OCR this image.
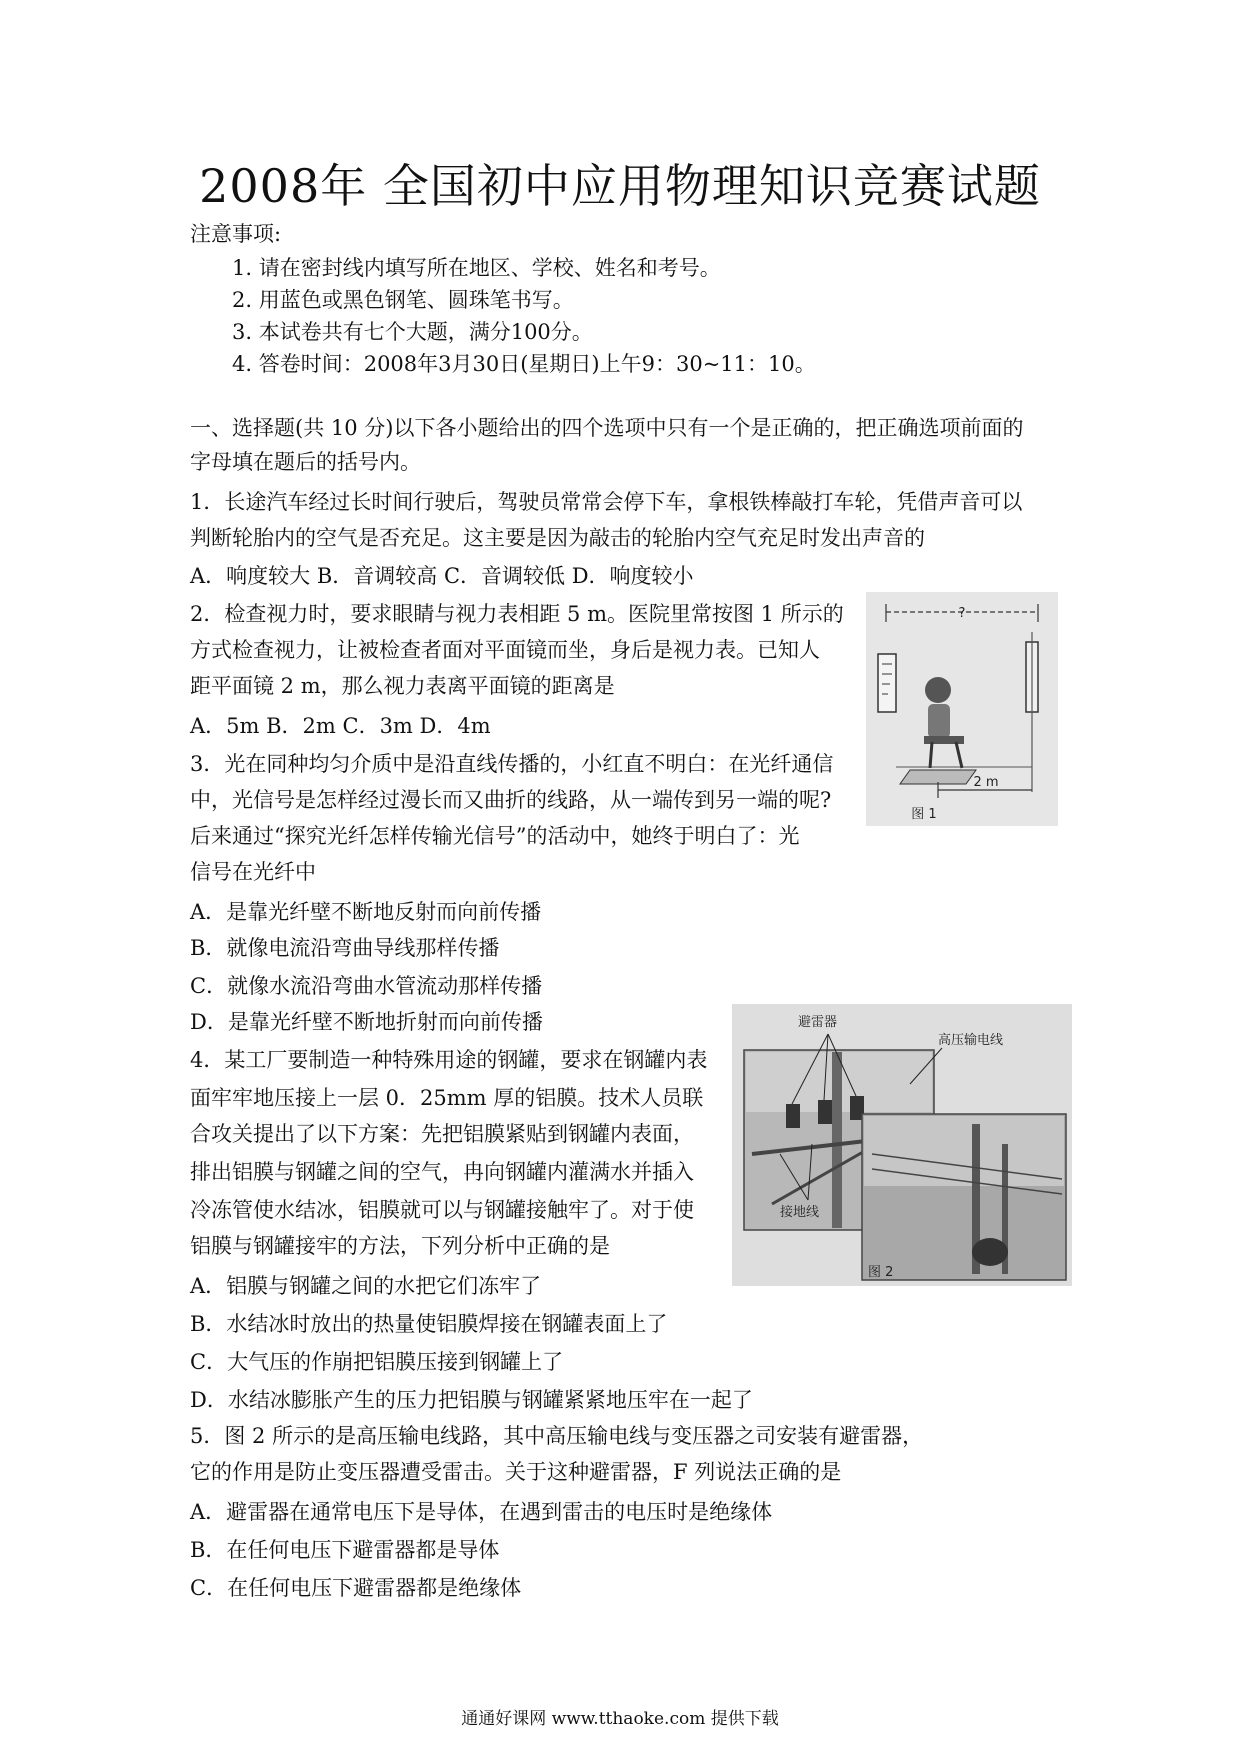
2008年 全国初中应用物理知识竞赛试题
注意事项:
1. 请在密封线内填写所在地区、学校、姓名和考号。
2. 用蓝色或黑色钢笔、圆珠笔书写。
3. 本试卷共有七个大题，满分100分。
4. 答卷时间：2008年3月30日(星期日)上午9：30~11：10。
一、选择题(共 10 分)以下各小题给出的四个选项中只有一个是正确的，把正确选项前面的
字母填在题后的括号内。
1．长途汽车经过长时间行驶后，驾驶员常常会停下车，拿根铁棒敲打车轮，凭借声音可以
判断轮胎内的空气是否充足。这主要是因为敲击的轮胎内空气充足时发出声音的
A．响度较大 B．音调较高 C．音调较低 D．响度较小
2．检查视力时，要求眼睛与视力表相距 5 m。医院里常按图 1 所示的
方式检查视力，让被检查者面对平面镜而坐，身后是视力表。已知人
距平面镜 2 m，那么视力表离平面镜的距离是
A．5m B．2m C．3m D．4m
3．光在同种均匀介质中是沿直线传播的，小红直不明白：在光纤通信
中，光信号是怎样经过漫长而又曲折的线路，从一端传到另一端的呢?
后来通过“探究光纤怎样传输光信号”的活动中，她终于明白了：光
信号在光纤中
A．是靠光纤壁不断地反射而向前传播
B．就像电流沿弯曲导线那样传播
C．就像水流沿弯曲水管流动那样传播
D．是靠光纤壁不断地折射而向前传播
4．某工厂要制造一种特殊用途的钢罐，要求在钢罐内表
面牢牢地压接上一层 0．25mm 厚的铝膜。技术人员联
合攻关提出了以下方案：先把铝膜紧贴到钢罐内表面，
排出铝膜与钢罐之间的空气，冉向钢罐内灌满水并插入
冷冻管使水结冰，铝膜就可以与钢罐接触牢了。对于使
铝膜与钢罐接牢的方法，下列分析中正确的是
A．铝膜与钢罐之间的水把它们冻牢了
B．水结冰时放出的热量使铝膜焊接在钢罐表面上了
C．大气压的作崩把铝膜压接到钢罐上了
D．水结冰膨胀产生的压力把铝膜与钢罐紧紧地压牢在一起了
5．图 2 所示的是高压输电线路，其中高压输电线与变压器之司安装有避雷器，
它的作用是防止变压器遭受雷击。关于这种避雷器，F 列说法正确的是
A．避雷器在通常电压下是导体，在遇到雷击的电压时是绝缘体
B．在任何电压下避雷器都是导体
C．在任何电压下避雷器都是绝缘体
?
2 m
图 1
避雷器
高压输电线
接地线
图 2
通通好课网 www.tthaoke.com 提供下载
